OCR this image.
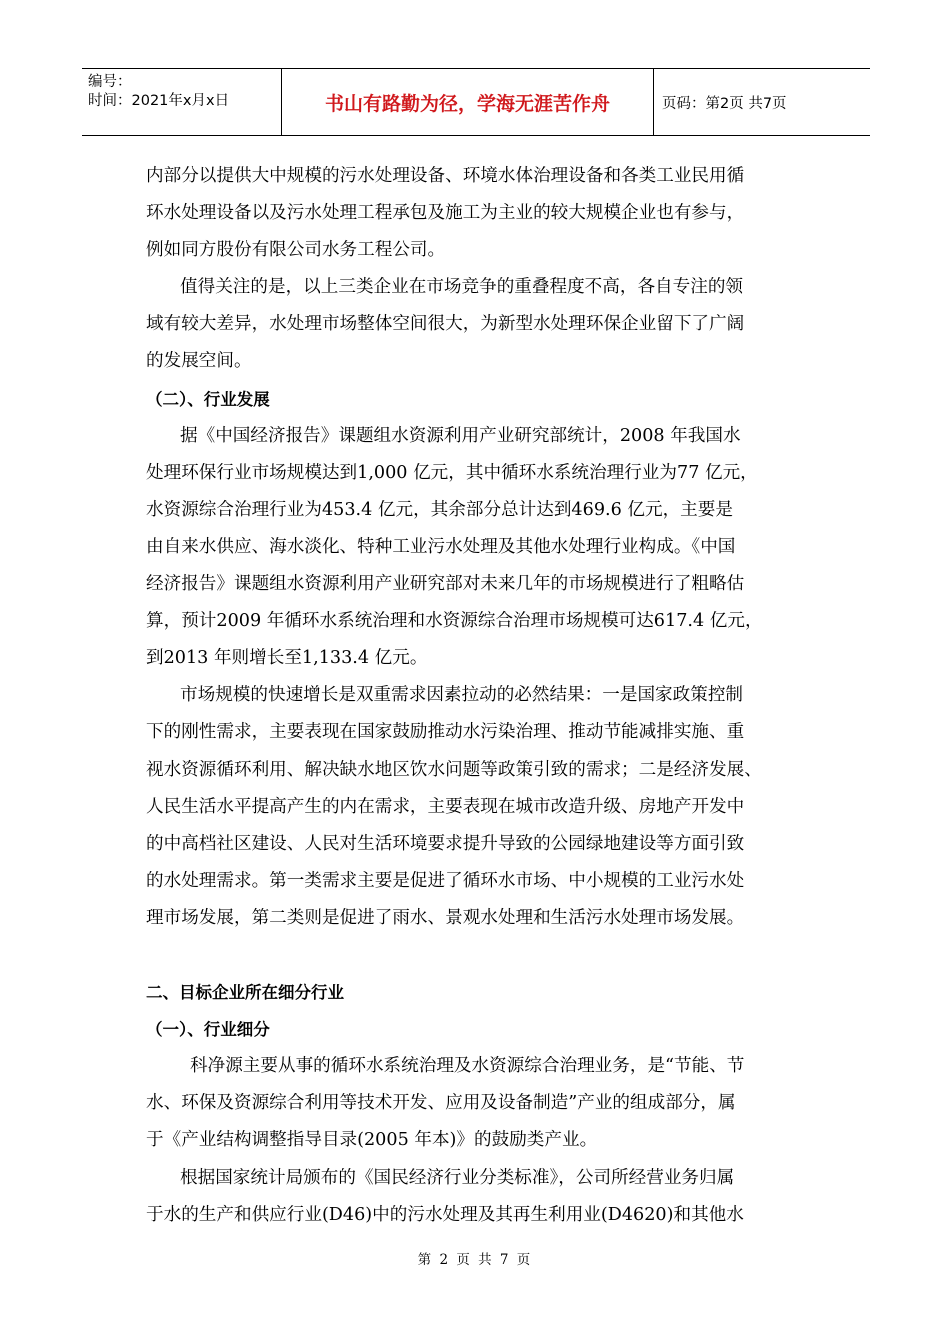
编号：
时间：2021年x月x日	书山有路勤为径，学海无涯苦作舟	页码：第2页 共7页
内部分以提供大中规模的污水处理设备、环境水体治理设备和各类工业民用循
环水处理设备以及污水处理工程承包及施工为主业的较大规模企业也有参与，
例如同方股份有限公司水务工程公司。
值得关注的是，以上三类企业在市场竞争的重叠程度不高，各自专注的领
域有较大差异，水处理市场整体空间很大，为新型水处理环保企业留下了广阔
的发展空间。
（二）、行业发展
据《中国经济报告》课题组水资源利用产业研究部统计，2008 年我国水
处理环保行业市场规模达到1,000 亿元，其中循环水系统治理行业为77 亿元，
水资源综合治理行业为453.4 亿元，其余部分总计达到469.6 亿元，主要是
由自来水供应、海水淡化、特种工业污水处理及其他水处理行业构成。《中国
经济报告》课题组水资源利用产业研究部对未来几年的市场规模进行了粗略估
算，预计2009 年循环水系统治理和水资源综合治理市场规模可达617.4 亿元，
到2013 年则增长至1,133.4 亿元。
市场规模的快速增长是双重需求因素拉动的必然结果：一是国家政策控制
下的刚性需求，主要表现在国家鼓励推动水污染治理、推动节能减排实施、重
视水资源循环利用、解决缺水地区饮水问题等政策引致的需求；二是经济发展、
人民生活水平提高产生的内在需求，主要表现在城市改造升级、房地产开发中
的中高档社区建设、人民对生活环境要求提升导致的公园绿地建设等方面引致
的水处理需求。第一类需求主要是促进了循环水市场、中小规模的工业污水处
理市场发展，第二类则是促进了雨水、景观水处理和生活污水处理市场发展。
二、目标企业所在细分行业
（一）、行业细分
科净源主要从事的循环水系统治理及水资源综合治理业务，是“节能、节
水、环保及资源综合利用等技术开发、应用及设备制造”产业的组成部分，属
于《产业结构调整指导目录(2005 年本)》的鼓励类产业。
根据国家统计局颁布的《国民经济行业分类标准》，公司所经营业务归属
于水的生产和供应行业(D46)中的污水处理及其再生利用业(D4620)和其他水
第 2 页 共 7 页
